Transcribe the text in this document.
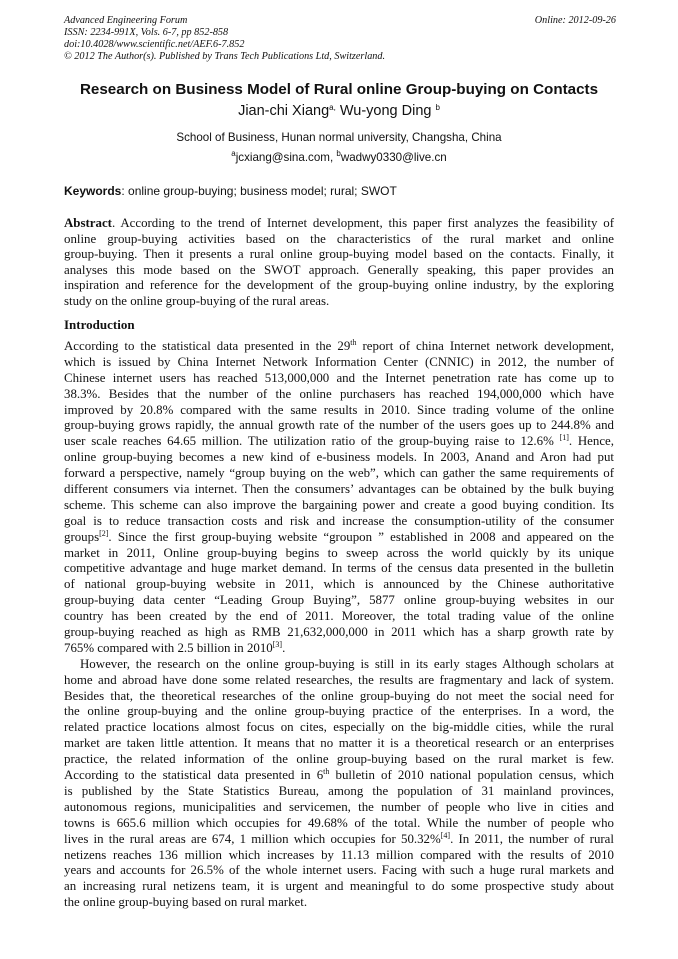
Advanced Engineering Forum
ISSN: 2234-991X, Vols. 6-7, pp 852-858
doi:10.4028/www.scientific.net/AEF.6-7.852
© 2012 The Author(s). Published by Trans Tech Publications Ltd, Switzerland.
Online: 2012-09-26
Research on Business Model of Rural online Group-buying on Contacts
Jian-chi Xiang$^{a,}$ Wu-yong Ding $^b$
School of Business, Hunan normal university, Changsha, China
$^a$jcxiang@sina.com, $^b$wadwy0330@live.cn
Keywords: online group-buying; business model; rural; SWOT
Abstract. According to the trend of Internet development, this paper first analyzes the feasibility of
online group-buying activities based on the characteristics of the rural market and online
group-buying. Then it presents a rural online group-buying model based on the contacts. Finally, it
analyses this mode based on the SWOT approach. Generally speaking, this paper provides an
inspiration and reference for the development of the group-buying online industry, by the exploring
study on the online group-buying of the rural areas.
Introduction
According to the statistical data presented in the 29th report of china Internet network development,
which is issued by China Internet Network Information Center (CNNIC) in 2012, the number of
Chinese internet users has reached 513,000,000 and the Internet penetration rate has come up to
38.3%. Besides that the number of the online purchasers has reached 194,000,000 which have
improved by 20.8% compared with the same results in 2010. Since trading volume of the online
group-buying grows rapidly, the annual growth rate of the number of the users goes up to 244.8% and
user scale reaches 64.65 million. The utilization ratio of the group-buying raise to 12.6% [1]. Hence,
online group-buying becomes a new kind of e-business models. In 2003, Anand and Aron had put
forward a perspective, namely “group buying on the web”, which can gather the same requirements of
different consumers via internet. Then the consumers’ advantages can be obtained by the bulk buying
scheme. This scheme can also improve the bargaining power and create a good buying condition. Its
goal is to reduce transaction costs and risk and increase the consumption-utility of the consumer
groups[2]. Since the first group-buying website “groupon ” established in 2008 and appeared on the
market in 2011, Online group-buying begins to sweep across the world quickly by its unique
competitive advantage and huge market demand. In terms of the census data presented in the bulletin
of national group-buying website in 2011, which is announced by the Chinese authoritative
group-buying data center “Leading Group Buying”, 5877 online group-buying websites in our
country has been created by the end of 2011. Moreover, the total trading value of the online
group-buying reached as high as RMB 21,632,000,000 in 2011 which has a sharp growth rate by
765% compared with 2.5 billion in 2010[3].
However, the research on the online group-buying is still in its early stages Although scholars at
home and abroad have done some related researches, the results are fragmentary and lack of system.
Besides that, the theoretical researches of the online group-buying do not meet the social need for
the online group-buying and the online group-buying practice of the enterprises. In a word, the
related practice locations almost focus on cites, especially on the big-middle cities, while the rural
market are taken little attention. It means that no matter it is a theoretical research or an enterprises
practice, the related information of the online group-buying based on the rural market is few.
According to the statistical data presented in 6th bulletin of 2010 national population census, which
is published by the State Statistics Bureau, among the population of 31 mainland provinces,
autonomous regions, municipalities and servicemen, the number of people who live in cities and
towns is 665.6 million which occupies for 49.68% of the total. While the number of people who
lives in the rural areas are 674, 1 million which occupies for 50.32%[4]. In 2011, the number of rural
netizens reaches 136 million which increases by 11.13 million compared with the results of 2010
years and accounts for 26.5% of the whole internet users. Facing with such a huge rural markets and
an increasing rural netizens team, it is urgent and meaningful to do some prospective study about
the online group-buying based on rural market.
